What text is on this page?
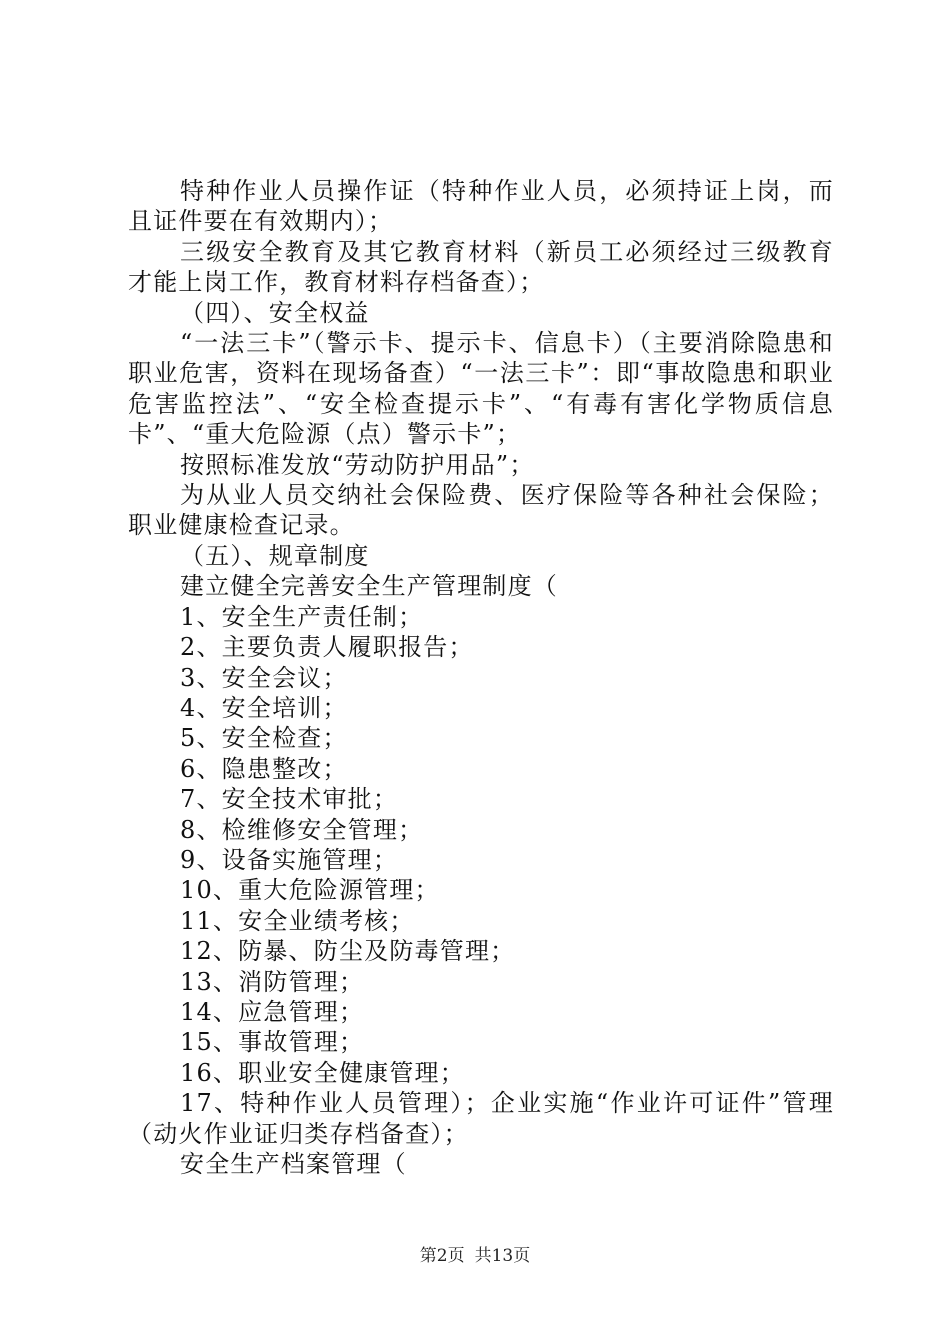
特种作业人员操作证（特种作业人员，必须持证上岗，而且证件要在有效期内）；

三级安全教育及其它教育材料（新员工必须经过三级教育才能上岗工作，教育材料存档备查）；

（四）、安全权益

“一法三卡”（警示卡、提示卡、信息卡）（主要消除隐患和职业危害，资料在现场备查）“一法三卡”：即“事故隐患和职业危害监控法”、“安全检查提示卡”、“有毒有害化学物质信息卡”、“重大危险源（点）警示卡”；

按照标准发放“劳动防护用品”；

为从业人员交纳社会保险费、医疗保险等各种社会保险；职业健康检查记录。

（五）、规章制度

建立健全完善安全生产管理制度（

1、安全生产责任制；

2、主要负责人履职报告；

3、安全会议；

4、安全培训；

5、安全检查；

6、隐患整改；

7、安全技术审批；

8、检维修安全管理；

9、设备实施管理；

10、重大危险源管理；

11、安全业绩考核；

12、防暴、防尘及防毒管理；

13、消防管理；

14、应急管理；

15、事故管理；

16、职业安全健康管理；

17、特种作业人员管理）；企业实施“作业许可证件”管理（动火作业证归类存档备查）；

安全生产档案管理（

第2页 共13页
